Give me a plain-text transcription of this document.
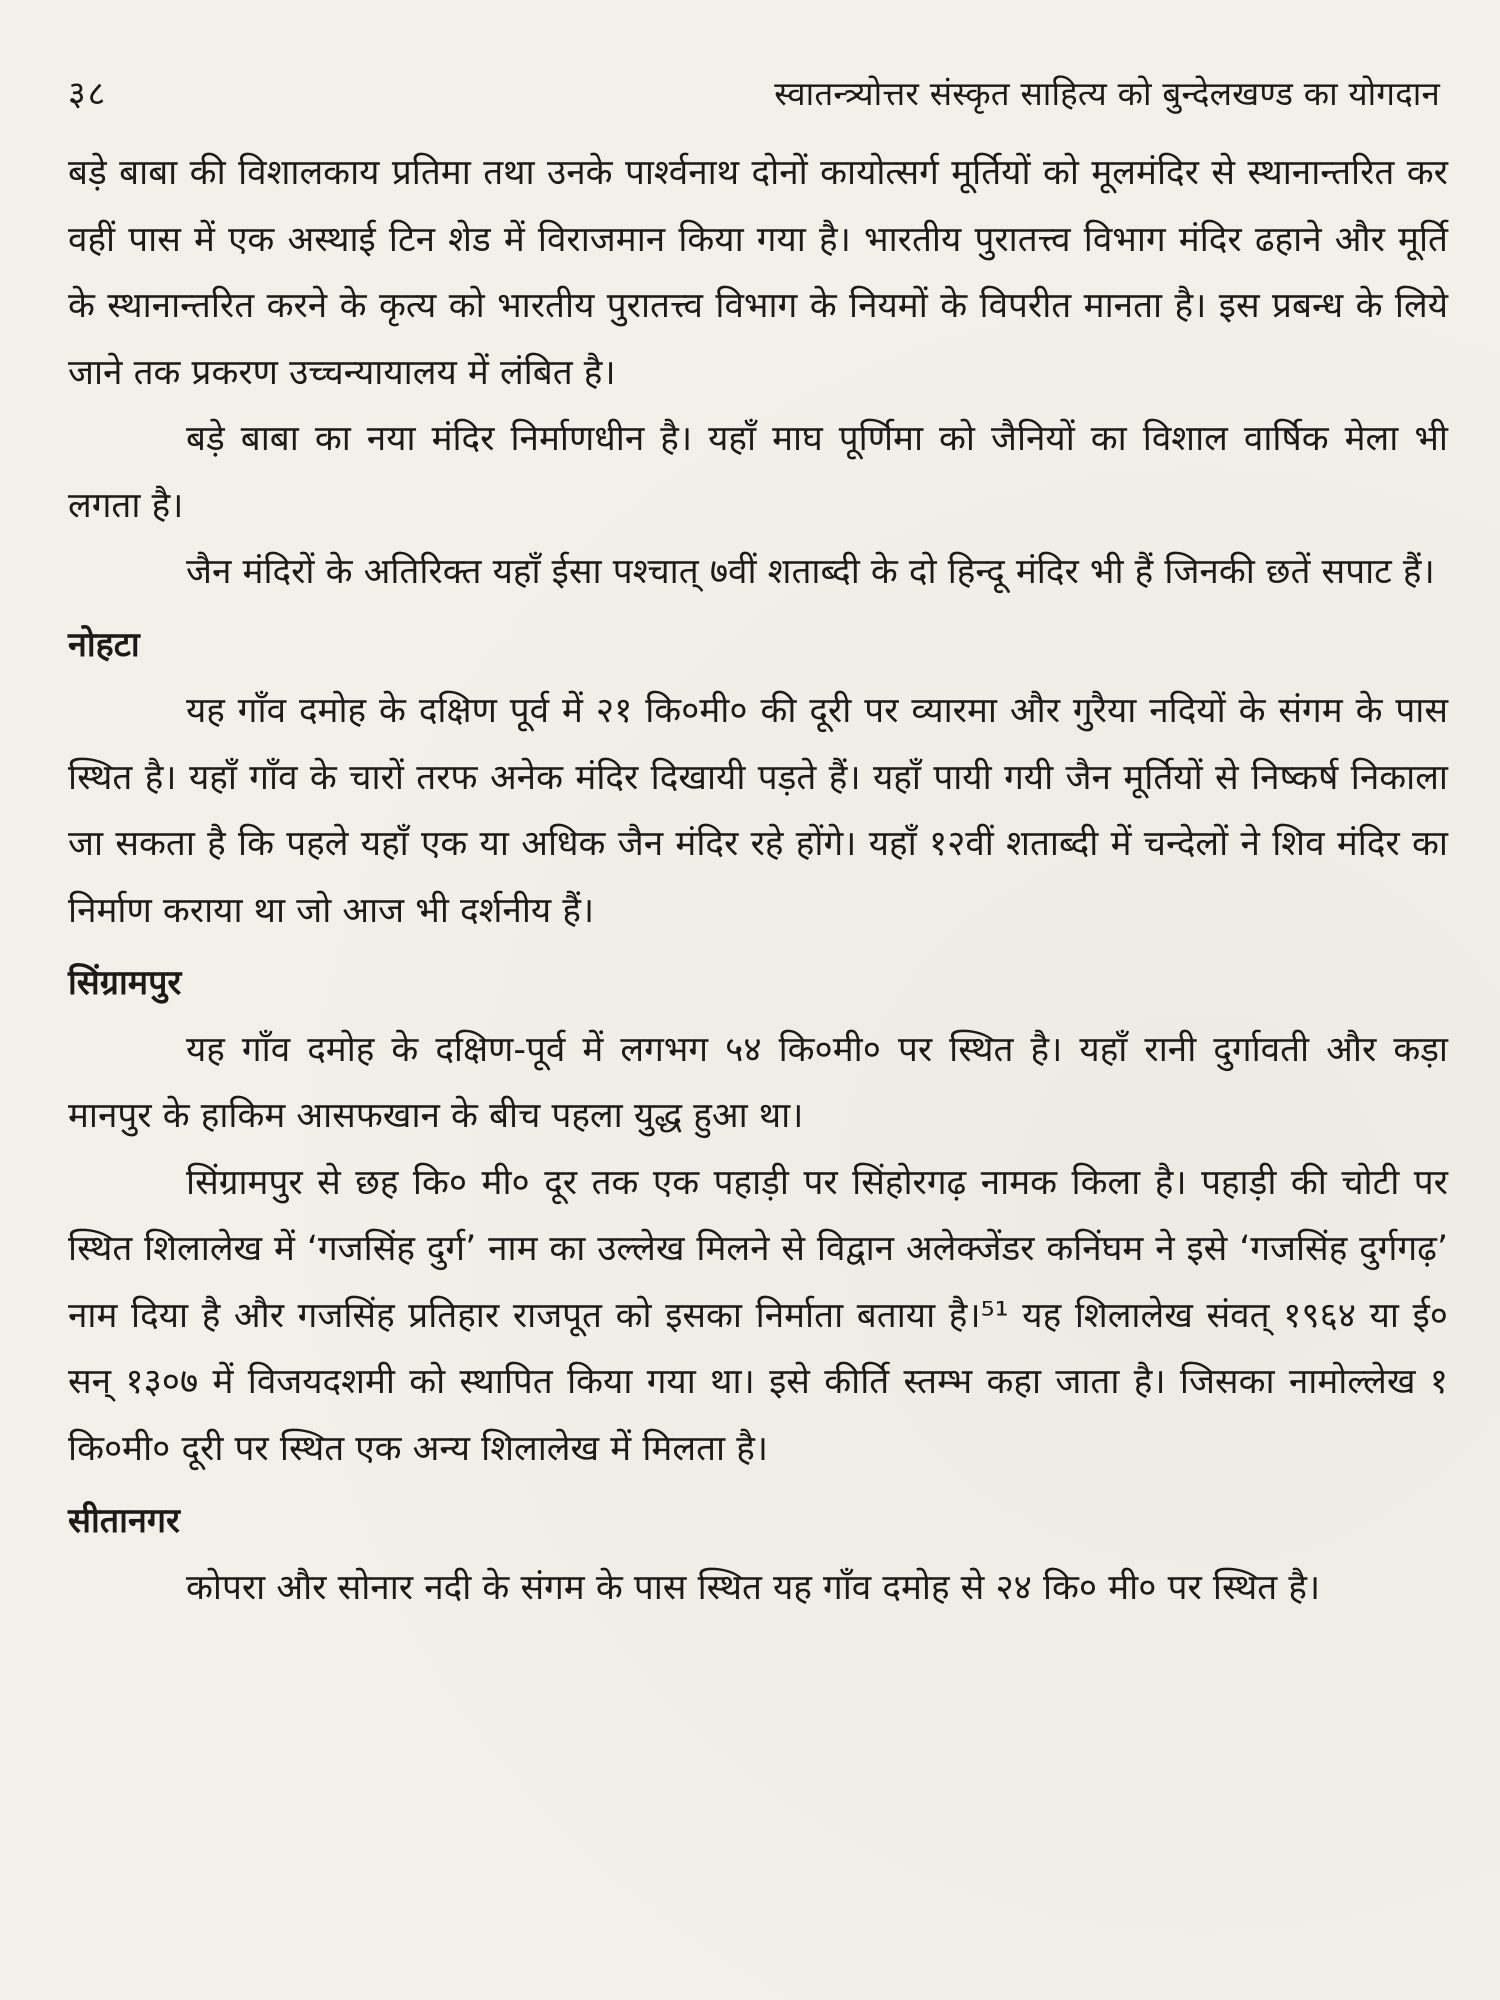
३८	स्वातन्त्र्योत्तर संस्कृत साहित्य को बुन्देलखण्ड का योगदान

बड़े बाबा की विशालकाय प्रतिमा तथा उनके पार्श्वनाथ दोनों कायोत्सर्ग मूर्तियों को मूलमंदिर से स्थानान्तरित कर वहीं पास में एक अस्थाई टिन शेड में विराजमान किया गया है। भारतीय पुरातत्त्व विभाग मंदिर ढहाने और मूर्ति के स्थानान्तरित करने के कृत्य को भारतीय पुरातत्त्व विभाग के नियमों के विपरीत मानता है। इस प्रबन्ध के लिये जाने तक प्रकरण उच्चन्यायालय में लंबित है।

बड़े बाबा का नया मंदिर निर्माणधीन है। यहाँ माघ पूर्णिमा को जैनियों का विशाल वार्षिक मेला भी लगता है।

जैन मंदिरों के अतिरिक्त यहाँ ईसा पश्चात् ७वीं शताब्दी के दो हिन्दू मंदिर भी हैं जिनकी छतें सपाट हैं।

नोहटा

यह गाँव दमोह के दक्षिण पूर्व में २१ कि०मी० की दूरी पर व्यारमा और गुरैया नदियों के संगम के पास स्थित है। यहाँ गाँव के चारों तरफ अनेक मंदिर दिखायी पड़ते हैं। यहाँ पायी गयी जैन मूर्तियों से निष्कर्ष निकाला जा सकता है कि पहले यहाँ एक या अधिक जैन मंदिर रहे होंगे। यहाँ १२वीं शताब्दी में चन्देलों ने शिव मंदिर का निर्माण कराया था जो आज भी दर्शनीय हैं।

सिंग्रामपुर

यह गाँव दमोह के दक्षिण-पूर्व में लगभग ५४ कि०मी० पर स्थित है। यहाँ रानी दुर्गावती और कड़ा मानपुर के हाकिम आसफखान के बीच पहला युद्ध हुआ था।

सिंग्रामपुर से छह कि० मी० दूर तक एक पहाड़ी पर सिंहोरगढ़ नामक किला है। पहाड़ी की चोटी पर स्थित शिलालेख में ‘गजसिंह दुर्ग’ नाम का उल्लेख मिलने से विद्वान अलेक्जेंडर कनिंघम ने इसे ‘गजसिंह दुर्गगढ़’ नाम दिया है और गजसिंह प्रतिहार राजपूत को इसका निर्माता बताया है।⁵¹ यह शिलालेख संवत् १९६४ या ई० सन् १३०७ में विजयदशमी को स्थापित किया गया था। इसे कीर्ति स्तम्भ कहा जाता है। जिसका नामोल्लेख १ कि०मी० दूरी पर स्थित एक अन्य शिलालेख में मिलता है।

सीतानगर

कोपरा और सोनार नदी के संगम के पास स्थित यह गाँव दमोह से २४ कि० मी० पर स्थित है।
